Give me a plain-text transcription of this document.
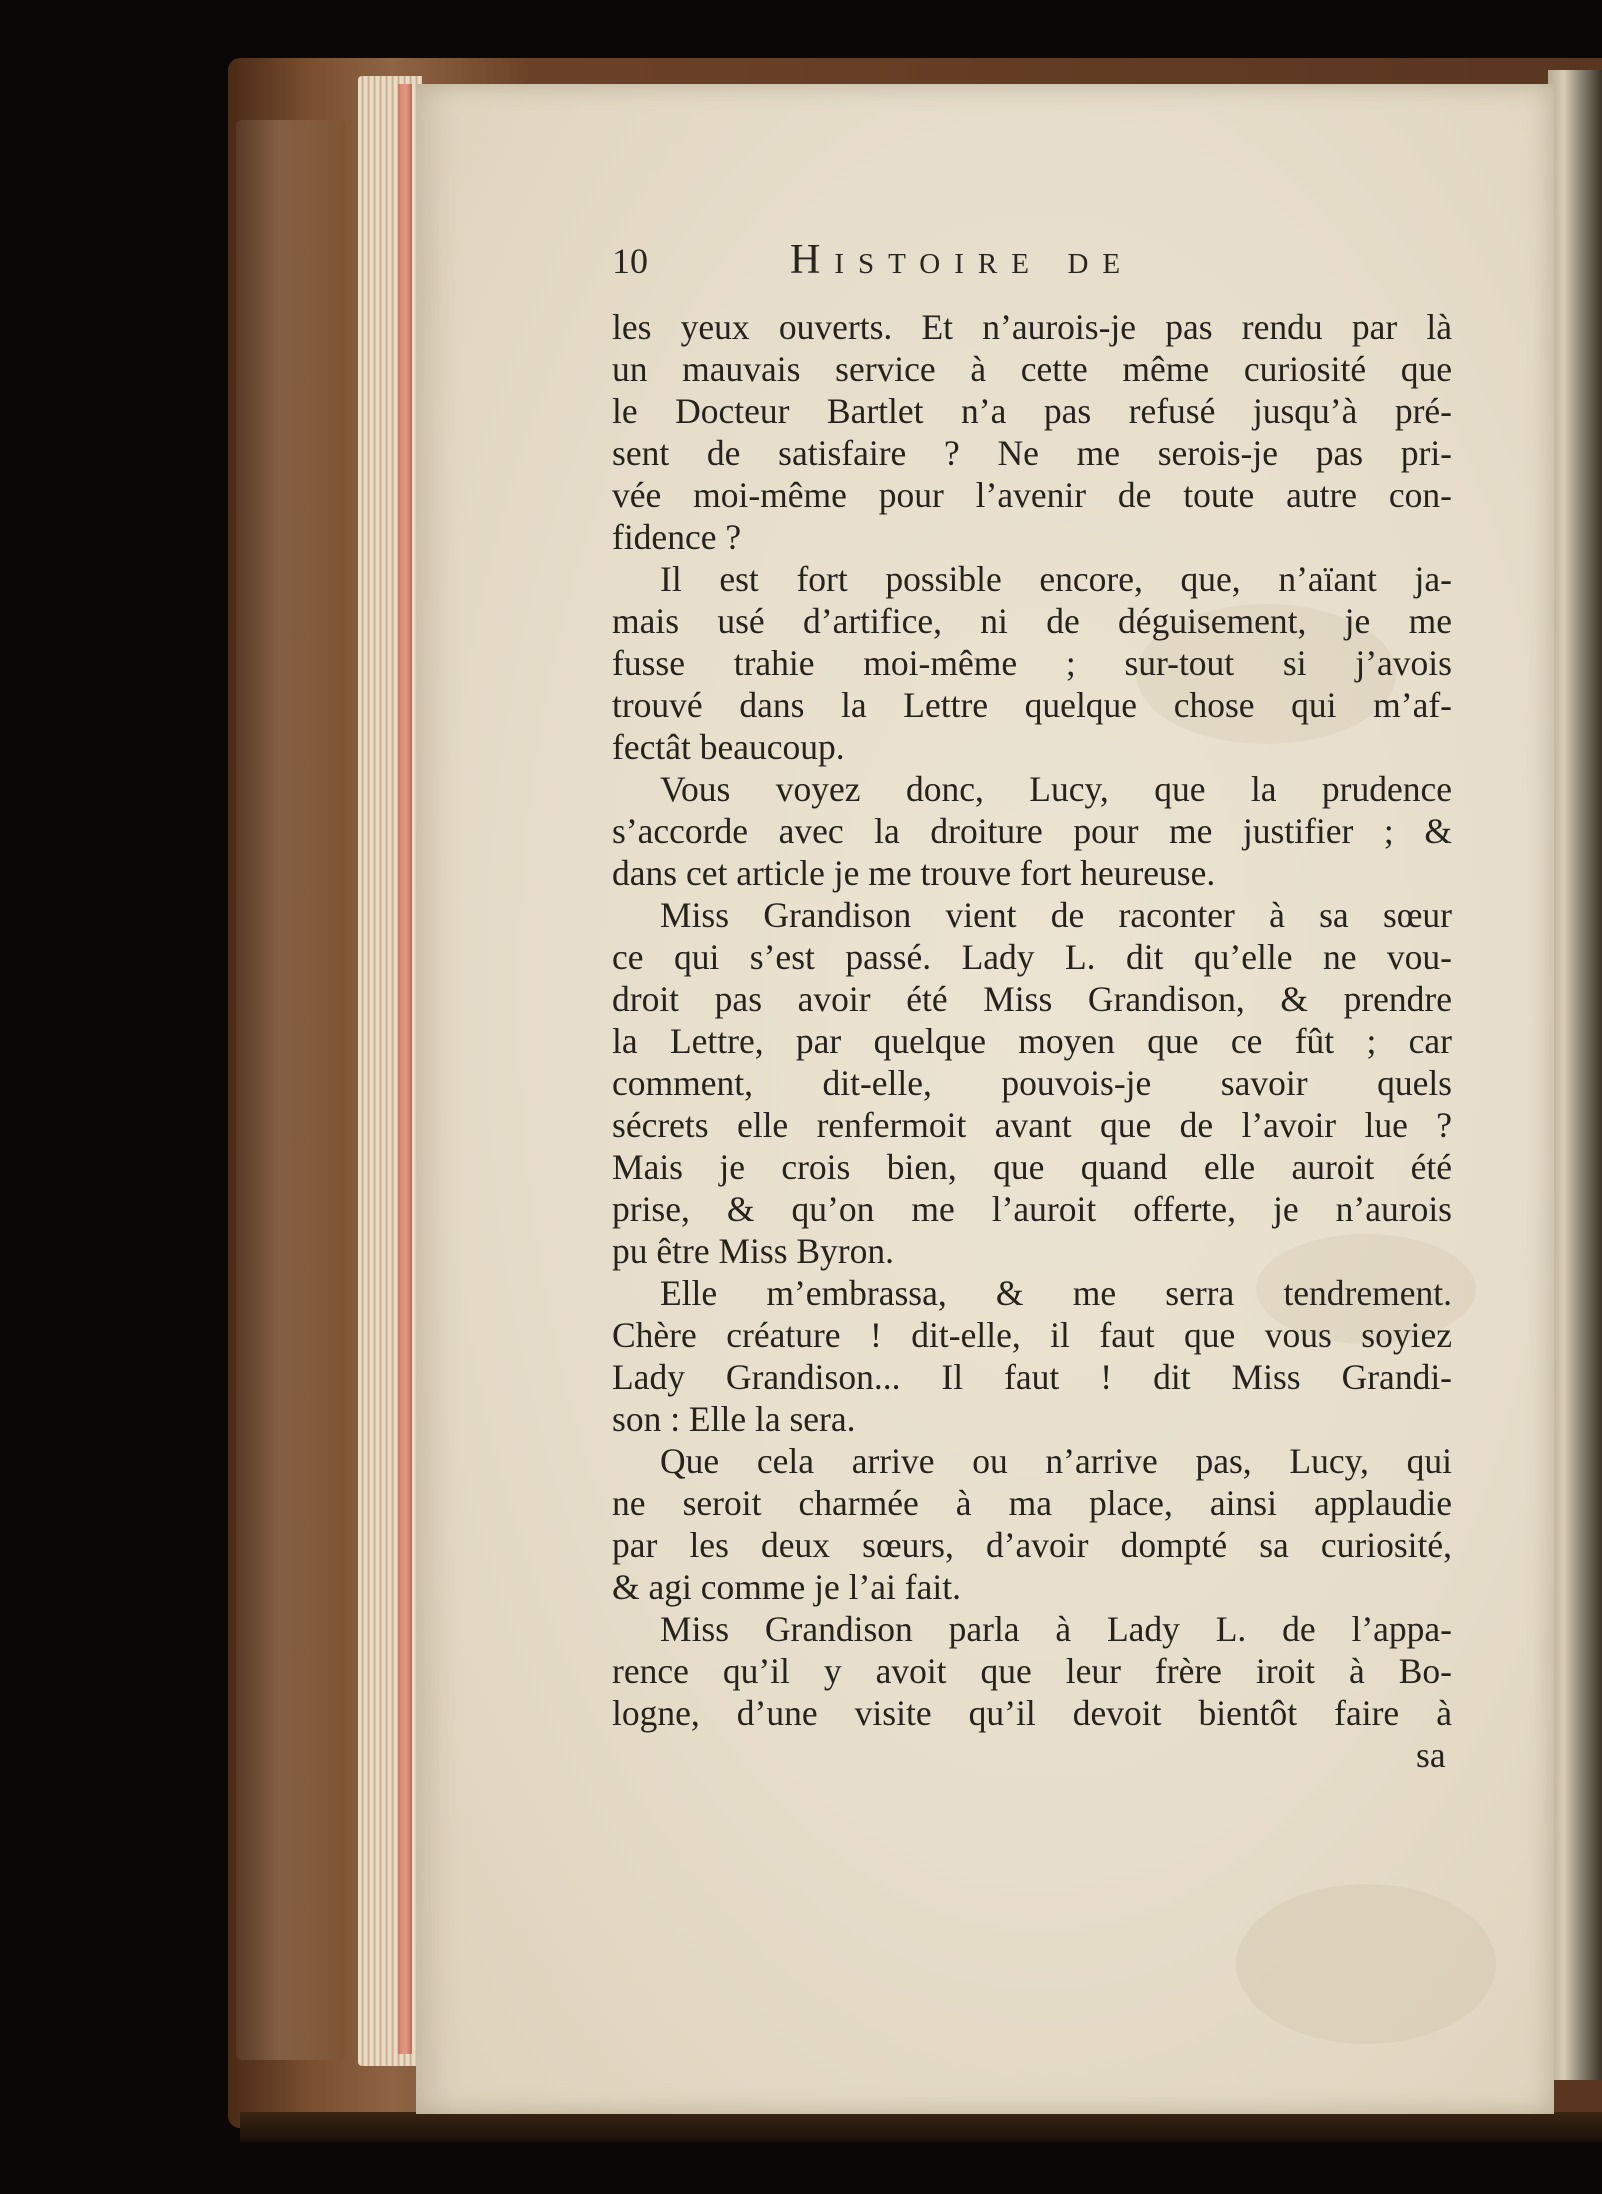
10	Histoire de
les yeux ouverts. Et n’aurois-je pas rendu par là
un mauvais service à cette même curiosité que
le Docteur Bartlet n’a pas refusé jusqu’à pré-
sent de satisfaire ? Ne me serois-je pas pri-
vée moi-même pour l’avenir de toute autre con-
fidence ?
Il est fort possible encore, que, n’aïant ja-
mais usé d’artifice, ni de déguisement, je me
fusse trahie moi-même ; sur-tout si j’avois
trouvé dans la Lettre quelque chose qui m’af-
fectât beaucoup.
Vous voyez donc, Lucy, que la prudence
s’accorde avec la droiture pour me justifier ; &
dans cet article je me trouve fort heureuse.
Miss Grandison vient de raconter à sa sœur
ce qui s’est passé. Lady L. dit qu’elle ne vou-
droit pas avoir été Miss Grandison, & prendre
la Lettre, par quelque moyen que ce fût ; car
comment, dit-elle, pouvois-je savoir quels
sécrets elle renfermoit avant que de l’avoir lue ?
Mais je crois bien, que quand elle auroit été
prise, & qu’on me l’auroit offerte, je n’aurois
pu être Miss Byron.
Elle m’embrassa, & me serra tendrement.
Chère créature ! dit-elle, il faut que vous soyiez
Lady Grandison... Il faut ! dit Miss Grandi-
son : Elle la sera.
Que cela arrive ou n’arrive pas, Lucy, qui
ne seroit charmée à ma place, ainsi applaudie
par les deux sœurs, d’avoir dompté sa curiosité,
& agi comme je l’ai fait.
Miss Grandison parla à Lady L. de l’appa-
rence qu’il y avoit que leur frère iroit à Bo-
logne, d’une visite qu’il devoit bientôt faire à
sa
